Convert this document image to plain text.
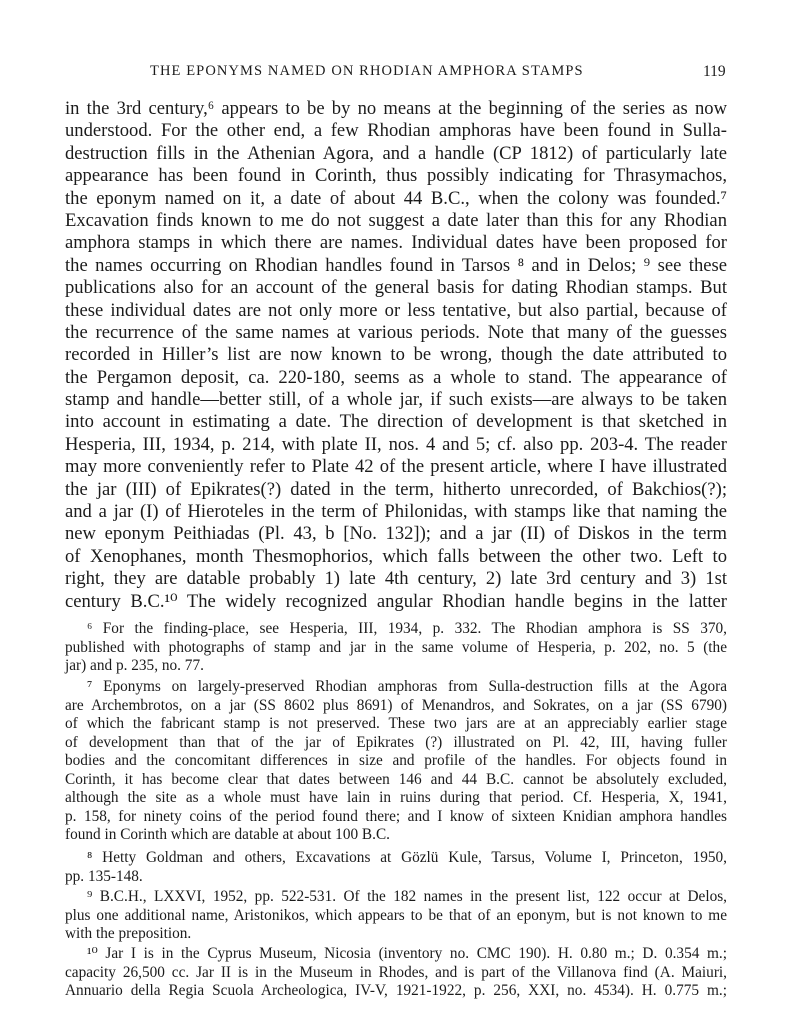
THE EPONYMS NAMED ON RHODIAN AMPHORA STAMPS	119
in the 3rd century,⁶ appears to be by no means at the beginning of the series as now
understood. For the other end, a few Rhodian amphoras have been found in Sulla-
destruction fills in the Athenian Agora, and a handle (CP 1812) of particularly late
appearance has been found in Corinth, thus possibly indicating for Thrasymachos,
the eponym named on it, a date of about 44 B.C., when the colony was founded.⁷
Excavation finds known to me do not suggest a date later than this for any Rhodian
amphora stamps in which there are names. Individual dates have been proposed for
the names occurring on Rhodian handles found in Tarsos ⁸ and in Delos; ⁹ see these
publications also for an account of the general basis for dating Rhodian stamps. But
these individual dates are not only more or less tentative, but also partial, because of
the recurrence of the same names at various periods. Note that many of the guesses
recorded in Hiller’s list are now known to be wrong, though the date attributed to
the Pergamon deposit, ca. 220-180, seems as a whole to stand. The appearance of
stamp and handle—better still, of a whole jar, if such exists—are always to be taken
into account in estimating a date. The direction of development is that sketched in
Hesperia, III, 1934, p. 214, with plate II, nos. 4 and 5; cf. also pp. 203-4. The reader
may more conveniently refer to Plate 42 of the present article, where I have illustrated
the jar (III) of Epikrates(?) dated in the term, hitherto unrecorded, of Bakchios(?);
and a jar (I) of Hieroteles in the term of Philonidas, with stamps like that naming the
new eponym Peithiadas (Pl. 43, b [No. 132]); and a jar (II) of Diskos in the term
of Xenophanes, month Thesmophorios, which falls between the other two. Left to
right, they are datable probably 1) late 4th century, 2) late 3rd century and 3) 1st
century B.C.¹⁰ The widely recognized angular Rhodian handle begins in the latter
⁶ For the finding-place, see Hesperia, III, 1934, p. 332. The Rhodian amphora is SS 370,
published with photographs of stamp and jar in the same volume of Hesperia, p. 202, no. 5 (the
jar) and p. 235, no. 77.
⁷ Eponyms on largely-preserved Rhodian amphoras from Sulla-destruction fills at the Agora
are Archembrotos, on a jar (SS 8602 plus 8691) of Menandros, and Sokrates, on a jar (SS 6790)
of which the fabricant stamp is not preserved. These two jars are at an appreciably earlier stage
of development than that of the jar of Epikrates (?) illustrated on Pl. 42, III, having fuller
bodies and the concomitant differences in size and profile of the handles. For objects found in
Corinth, it has become clear that dates between 146 and 44 B.C. cannot be absolutely excluded,
although the site as a whole must have lain in ruins during that period. Cf. Hesperia, X, 1941,
p. 158, for ninety coins of the period found there; and I know of sixteen Knidian amphora handles
found in Corinth which are datable at about 100 B.C.
⁸ Hetty Goldman and others, Excavations at Gözlü Kule, Tarsus, Volume I, Princeton, 1950,
pp. 135-148.
⁹ B.C.H., LXXVI, 1952, pp. 522-531. Of the 182 names in the present list, 122 occur at Delos,
plus one additional name, Aristonikos, which appears to be that of an eponym, but is not known to me
with the preposition.
¹⁰ Jar I is in the Cyprus Museum, Nicosia (inventory no. CMC 190). H. 0.80 m.; D. 0.354 m.;
capacity 26,500 cc. Jar II is in the Museum in Rhodes, and is part of the Villanova find (A. Maiuri,
Annuario della Regia Scuola Archeologica, IV-V, 1921-1922, p. 256, XXI, no. 4534). H. 0.775 m.;
